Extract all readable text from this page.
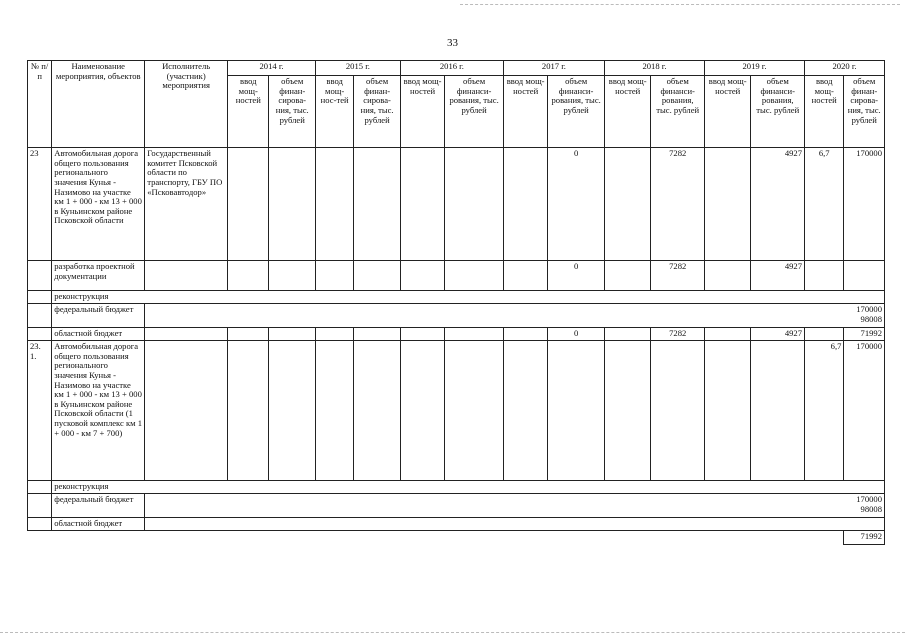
33
№ п/п	Наименование мероприятия, объектов	Исполнитель (участник) мероприятия	2014 г.		2015 г.		2016 г.		2017 г.		2018 г.		2019 г.		2020 г.	
			ввод мощ-ностей	объем финан-сирова-ния, тыс. рублей	ввод мощ-нос-тей	объем финан-сирова-ния, тыс. рублей	ввод мощ-ностей	объем финанси-рования, тыс. рублей	ввод мощ-ностей	объем финанси-рования, тыс. рублей	ввод мощ-ностей	объем финанси-рования, тыс. рублей	ввод мощ-ностей	объем финанси-рования, тыс. рублей	ввод мощ-ностей	объем финан-сирова-ния, тыс. рублей
23	Автомобильная дорога общего пользования регионального значения Кунья - Назимово на участке км 1 + 000 - км 13 + 000 в Куньинском районе Псковской области	Государственный комитет Псковской области по транспорту, ГБУ ПО «Псковавтодор»								0		7282		4927	6,7	170000
	разработка проектной документации									0		7282		4927		
	реконструкция															
	федеральный бюджет	170000
98008														
	областной бюджет									0		7282		4927		71992
23. 1.	Автомобильная дорога общего пользования регионального значения Кунья - Назимово на участке км 1 + 000 - км 13 + 000 в Куньинском районе Псковской области (1 пусковой комплекс км 1 + 000 - км 7 + 700)														6,7	170000
	реконструкция															
	федеральный бюджет	170000
98008														
	областной бюджет															
																71992
